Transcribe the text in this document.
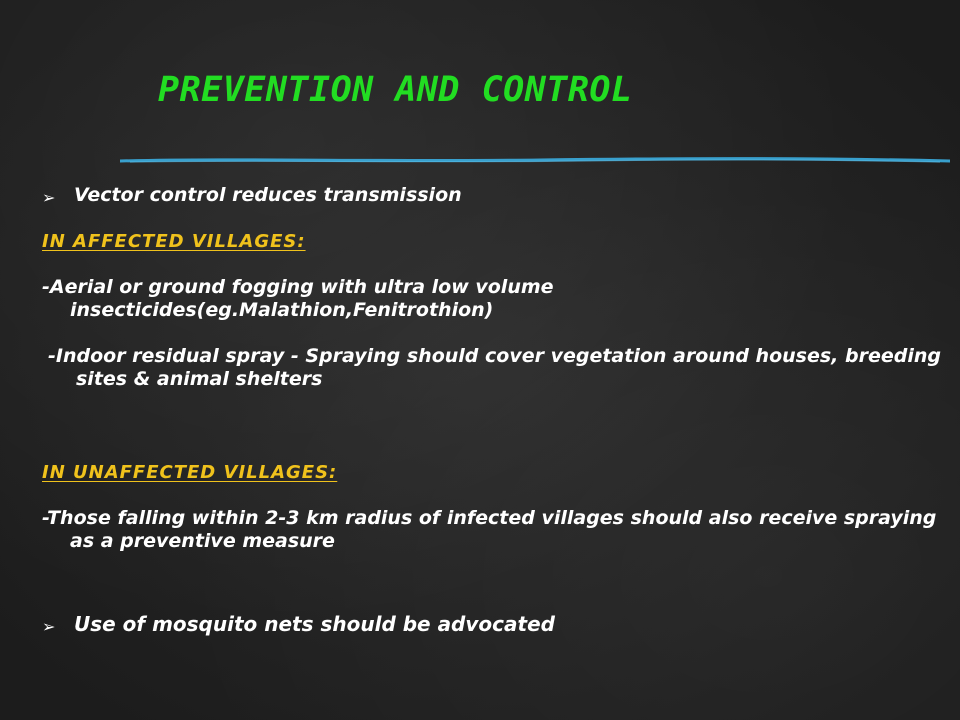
PREVENTION AND CONTROL
➢ Vector control reduces transmission
IN AFFECTED VILLAGES:
-Aerial or ground fogging with ultra low volume insecticides(eg.Malathion,Fenitrothion)
-Indoor residual spray - Spraying should cover vegetation around houses, breeding sites & animal shelters
IN UNAFFECTED VILLAGES:
-Those falling within 2-3 km radius of infected villages should also receive spraying as a preventive measure
➢ Use of mosquito nets should be advocated
